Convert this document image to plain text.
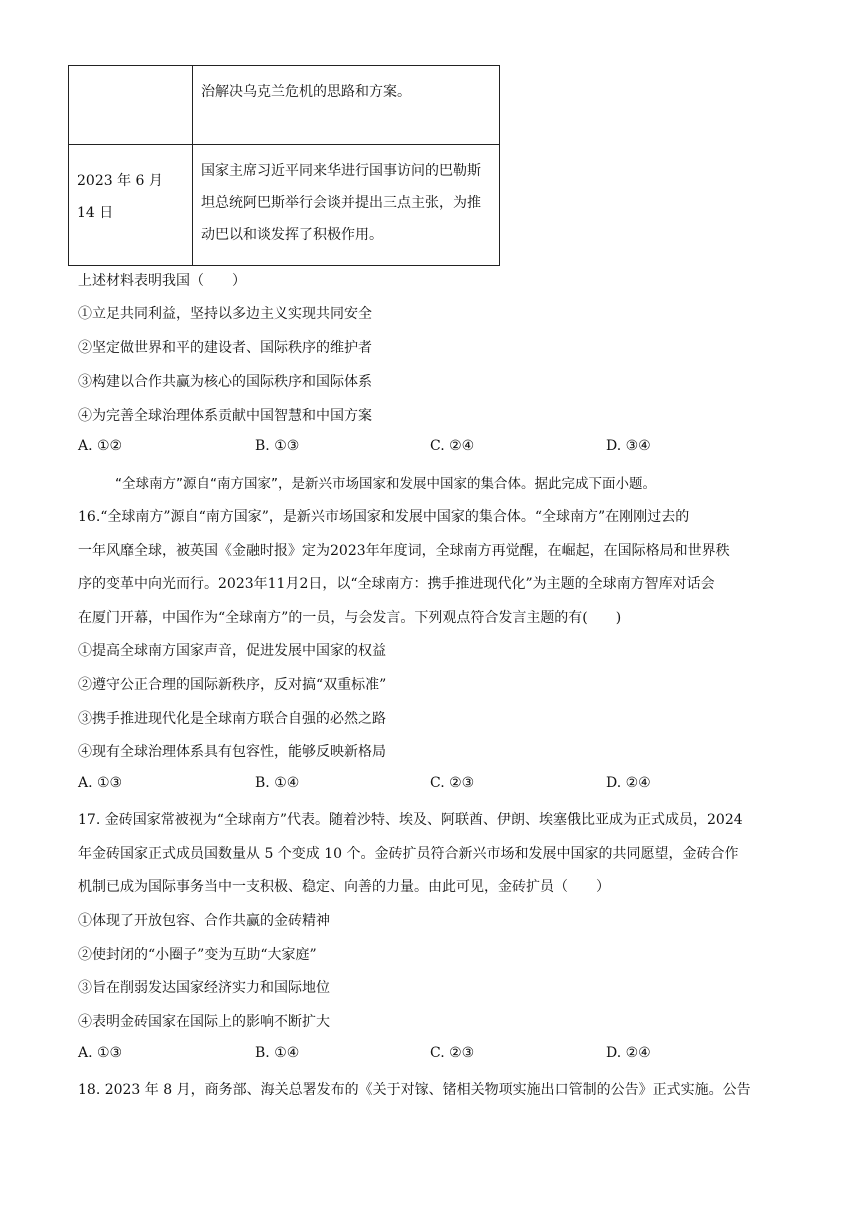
	治解决乌克兰危机的思路和方案。
2023 年 6 月 14 日	国家主席习近平同来华进行国事访问的巴勒斯坦总统阿巴斯举行会谈并提出三点主张，为推动巴以和谈发挥了积极作用。
上述材料表明我国（　　）
①立足共同利益，坚持以多边主义实现共同安全
②坚定做世界和平的建设者、国际秩序的维护者
③构建以合作共赢为核心的国际秩序和国际体系
④为完善全球治理体系贡献中国智慧和中国方案
A. ①②	B. ①③	C. ②④	D. ③④
“全球南方”源自“南方国家”，是新兴市场国家和发展中国家的集合体。据此完成下面小题。
16.“全球南方”源自“南方国家”，是新兴市场国家和发展中国家的集合体。“全球南方”在刚刚过去的
一年风靡全球，被英国《金融时报》定为2023年年度词，全球南方再觉醒，在崛起，在国际格局和世界秩
序的变革中向光而行。2023年11月2日，以“全球南方：携手推进现代化”为主题的全球南方智库对话会
在厦门开幕，中国作为“全球南方”的一员，与会发言。下列观点符合发言主题的有(　　)
①提高全球南方国家声音，促进发展中国家的权益
②遵守公正合理的国际新秩序，反对搞“双重标准”
③携手推进现代化是全球南方联合自强的必然之路
④现有全球治理体系具有包容性，能够反映新格局
A. ①③	B. ①④	C. ②③	D. ②④
17. 金砖国家常被视为“全球南方”代表。随着沙特、埃及、阿联酋、伊朗、埃塞俄比亚成为正式成员，2024
年金砖国家正式成员国数量从 5 个变成 10 个。金砖扩员符合新兴市场和发展中国家的共同愿望，金砖合作
机制已成为国际事务当中一支积极、稳定、向善的力量。由此可见，金砖扩员（　　）
①体现了开放包容、合作共赢的金砖精神
②使封闭的“小圈子”变为互助“大家庭”
③旨在削弱发达国家经济实力和国际地位
④表明金砖国家在国际上的影响不断扩大
A. ①③	B. ①④	C. ②③	D. ②④
18. 2023 年 8 月，商务部、海关总署发布的《关于对镓、锗相关物项实施出口管制的公告》正式实施。公告
